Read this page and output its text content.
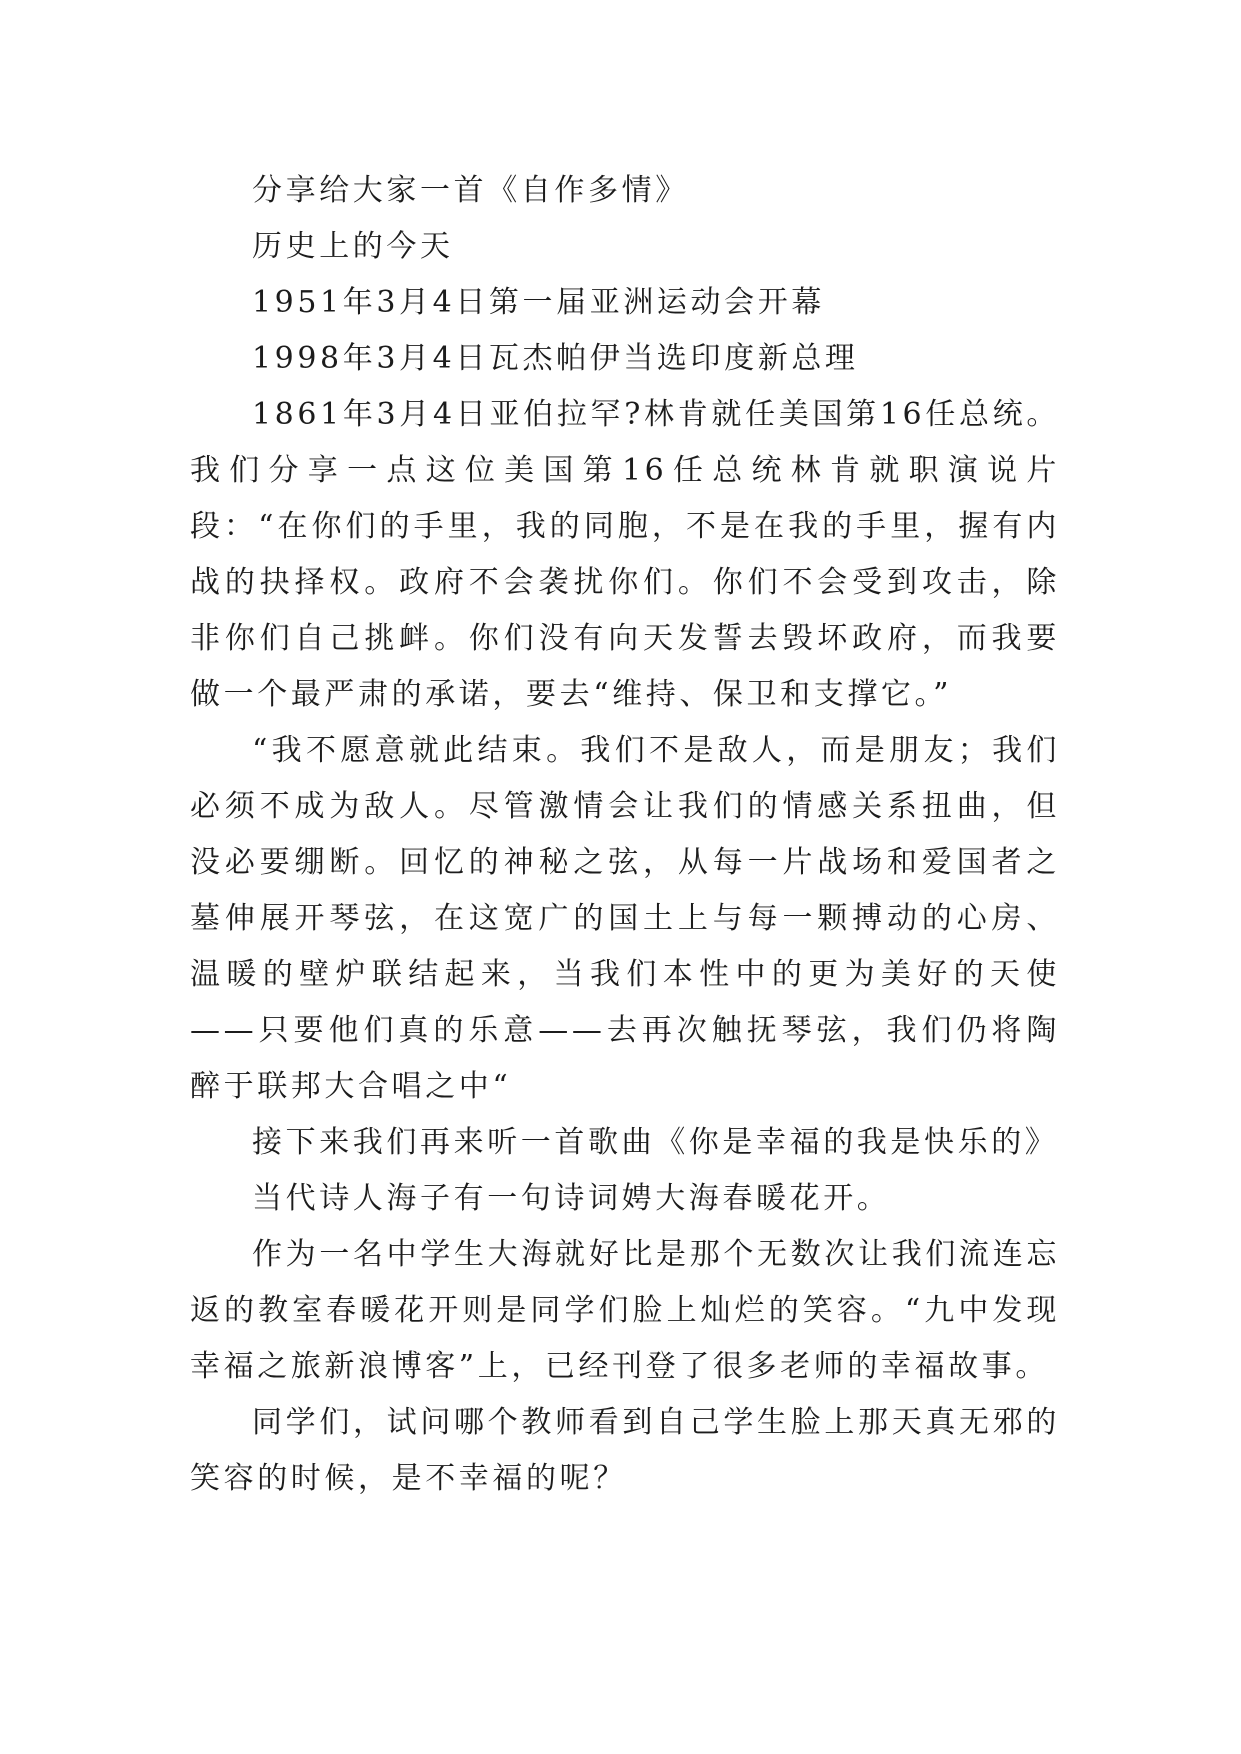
分享给大家一首《自作多情》

历史上的今天

1951年3月4日第一届亚洲运动会开幕

1998年3月4日瓦杰帕伊当选印度新总理

1861年3月4日亚伯拉罕?林肯就任美国第16任总统。我们分享一点这位美国第16任总统林肯就职演说片段：“在你们的手里，我的同胞，不是在我的手里，握有内战的抉择权。政府不会袭扰你们。你们不会受到攻击，除非你们自己挑衅。你们没有向天发誓去毁坏政府，而我要做一个最严肃的承诺，要去“维持、保卫和支撑它。”

“我不愿意就此结束。我们不是敌人，而是朋友；我们必须不成为敌人。尽管激情会让我们的情感关系扭曲，但没必要绷断。回忆的神秘之弦，从每一片战场和爱国者之墓伸展开琴弦，在这宽广的国土上与每一颗搏动的心房、温暖的壁炉联结起来，当我们本性中的更为美好的天使——只要他们真的乐意——去再次触抚琴弦，我们仍将陶醉于联邦大合唱之中“

接下来我们再来听一首歌曲《你是幸福的我是快乐的》

当代诗人海子有一句诗词娉大海春暖花开。

作为一名中学生大海就好比是那个无数次让我们流连忘返的教室春暖花开则是同学们脸上灿烂的笑容。“九中发现幸福之旅新浪博客”上，已经刊登了很多老师的幸福故事。

同学们，试问哪个教师看到自己学生脸上那天真无邪的笑容的时候，是不幸福的呢？
